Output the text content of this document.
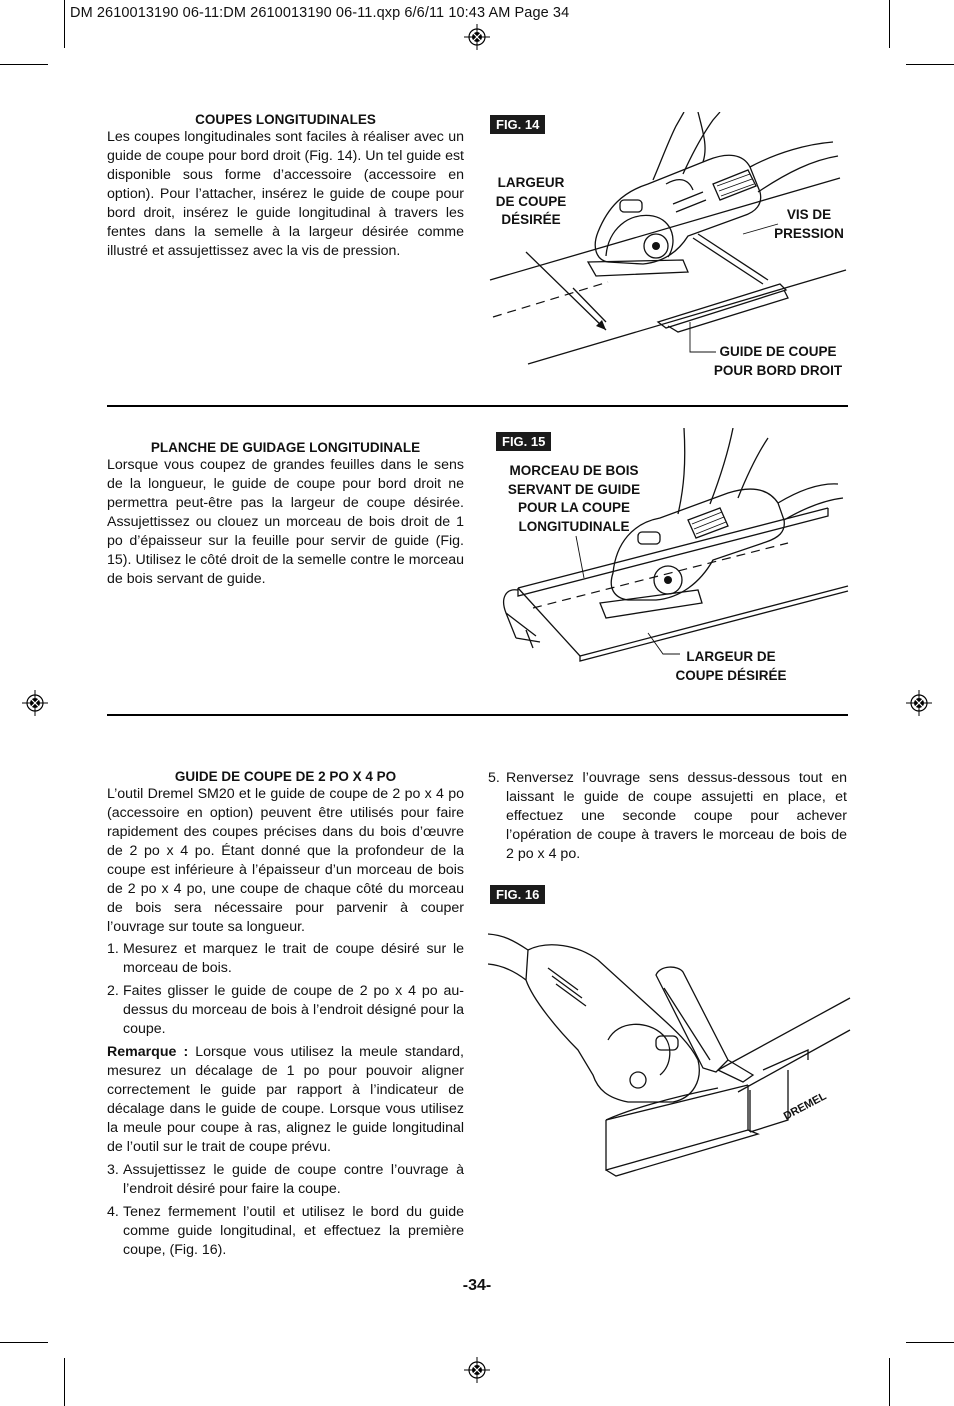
DM 2610013190 06-11:DM 2610013190 06-11.qxp 6/6/11 10:43 AM Page 34
COUPES LONGITUDINALES
Les coupes longitudinales sont faciles à réaliser avec un guide de coupe pour bord droit (Fig. 14). Un tel guide est disponible sous forme d’accessoire (accessoire en option). Pour l’attacher, insérez le guide de coupe pour bord droit, insérez le guide longitudinal à travers les fentes dans la semelle à la largeur désirée comme illustré et assujettissez avec la vis de pression.
FIG. 14
LARGEUR
DE COUPE
DÉSIRÉE	VIS DE
PRESSION
GUIDE DE COUPE
POUR BORD DROIT
PLANCHE DE GUIDAGE LONGITUDINALE
Lorsque vous coupez de grandes feuilles dans le sens de la longueur, le guide de coupe pour bord droit ne permettra peut-être pas la largeur de coupe désirée. Assujettissez ou clouez un morceau de bois droit de 1 po d’épaisseur sur la feuille pour servir de guide (Fig. 15). Utilisez le côté droit de la semelle contre le morceau de bois servant de guide.
FIG. 15
MORCEAU DE BOIS
SERVANT DE GUIDE
POUR LA COUPE
LONGITUDINALE
LARGEUR DE
COUPE DÉSIRÉE
GUIDE DE COUPE DE 2 PO X 4 PO

L’outil Dremel SM20 et le guide de coupe de 2 po x 4 po (accessoire en option) peuvent être utilisés pour faire rapidement des coupes précises dans du bois d’œuvre de 2 po x 4 po. Étant donné que la profondeur de la coupe est inférieure à l’épaisseur d’un morceau de bois de 2 po x 4 po, une coupe de chaque côté du morceau de bois sera nécessaire pour parvenir à couper l’ouvrage sur toute sa longueur.

1. Mesurez et marquez le trait de coupe désiré sur le morceau de bois.
2. Faites glisser le guide de coupe de 2 po x 4 po au-dessus du morceau de bois à l’endroit désigné pour la coupe.

Remarque : Lorsque vous utilisez la meule standard, mesurez un décalage de 1 po pour pouvoir aligner correctement le guide par rapport à l’indicateur de décalage dans le guide de coupe. Lorsque vous utilisez la meule pour coupe à ras, alignez le guide longitudinal de l’outil sur le trait de coupe prévu.

3. Assujettissez le guide de coupe contre l’ouvrage à l’endroit désiré pour faire la coupe.
4. Tenez fermement l’outil et utilisez le bord du guide comme guide longitudinal, et effectuez la première coupe, (Fig. 16).
5. Renversez l’ouvrage sens dessus-dessous tout en laissant le guide de coupe assujetti en place, et effectuez une seconde coupe pour achever l’opération de coupe à travers le morceau de bois de 2 po x 4 po.
FIG. 16
DREMEL
-34-
